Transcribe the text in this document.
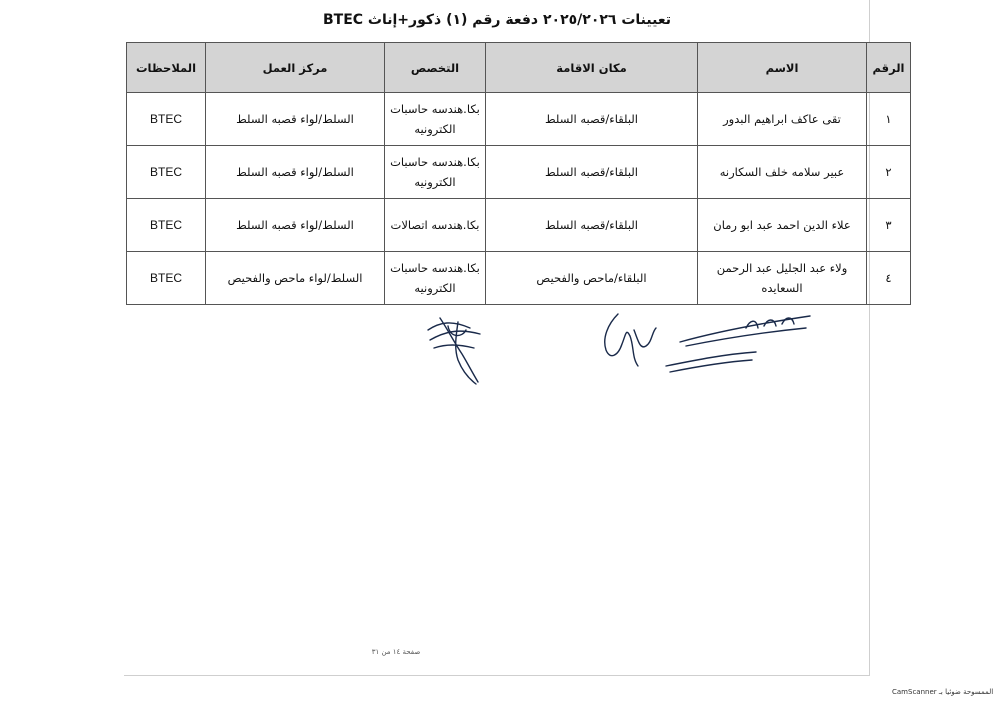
تعيينات ٢٠٢٥/٢٠٢٦ دفعة رقم (١) ذكور+إناث BTEC
الرقم	الاسم	مكان الاقامة	التخصص	مركز العمل	الملاحظات
١	تقى عاكف ابراهيم البدور	البلقاء/قصبه السلط	بكا.هندسه حاسبات الكترونيه	السلط/لواء قصبه السلط	BTEC
٢	عبير سلامه خلف السكارنه	البلقاء/قصبه السلط	بكا.هندسه حاسبات الكترونيه	السلط/لواء قصبه السلط	BTEC
٣	علاء الدين احمد عبد ابو رمان	البلقاء/قصبه السلط	بكا.هندسه اتصالات	السلط/لواء قصبه السلط	BTEC
٤	ولاء عبد الجليل عبد الرحمن السعايده	البلقاء/ماحص والفحيص	بكا.هندسه حاسبات الكترونيه	السلط/لواء ماحص والفحيص	BTEC
صفحة ١٤ من ٣١
الممسوحة ضوئيا بـ CamScanner
